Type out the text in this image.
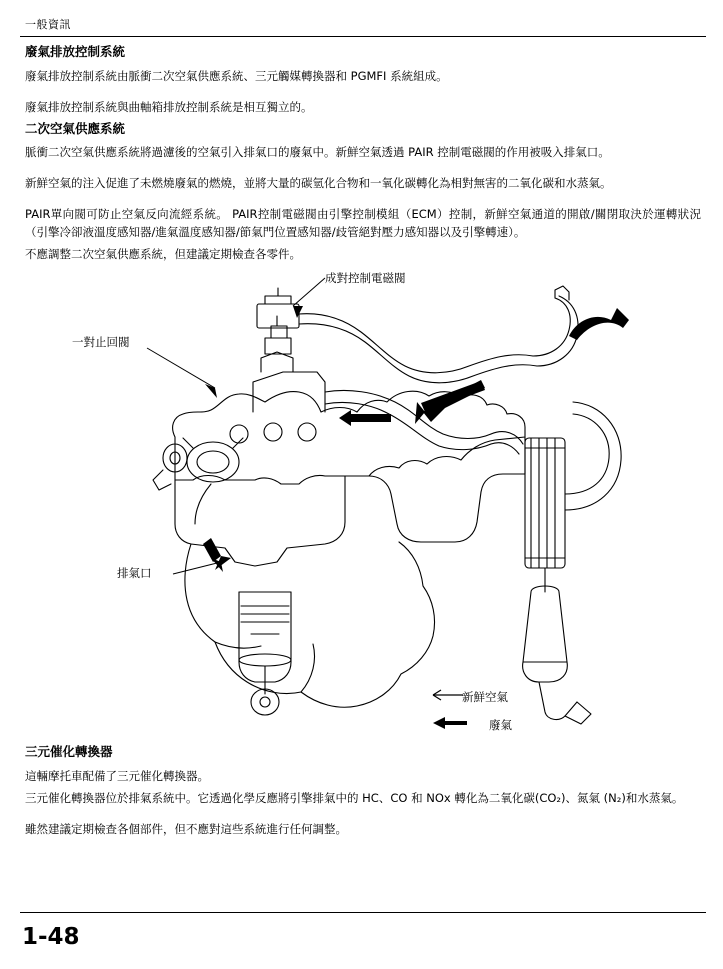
一般資訊
廢氣排放控制系統

廢氣排放控制系統由脈衝二次空氣供應系統、三元觸媒轉換器和 PGMFI 系統組成。

廢氣排放控制系統與曲軸箱排放控制系統是相互獨立的。

二次空氣供應系統

脈衝二次空氣供應系統將過濾後的空氣引入排氣口的廢氣中。新鮮空氣透過 PAIR 控制電磁閥的作用被吸入排氣口。

新鮮空氣的注入促進了未燃燒廢氣的燃燒，並將大量的碳氫化合物和一氧化碳轉化為相對無害的二氧化碳和水蒸氣。

PAIR單向閥可防止空氣反向流經系統。 PAIR控制電磁閥由引擎控制模組（ECM）控制，新鮮空氣通道的開啟/關閉取決於運轉狀況（引擎冷卻液溫度感知器/進氣溫度感知器/節氣門位置感知器/歧管絕對壓力感知器以及引擎轉速）。

不應調整二次空氣供應系統，但建議定期檢查各零件。

成對控制電磁閥
一對止回閥
排氣口
新鮮空氣
廢氣
三元催化轉換器

這輛摩托車配備了三元催化轉換器。

三元催化轉換器位於排氣系統中。它透過化學反應將引擎排氣中的 HC、CO 和 NOx 轉化為二氧化碳(CO₂)、氮氣 (N₂)和水蒸氣。

雖然建議定期檢查各個部件，但不應對這些系統進行任何調整。

1-48
